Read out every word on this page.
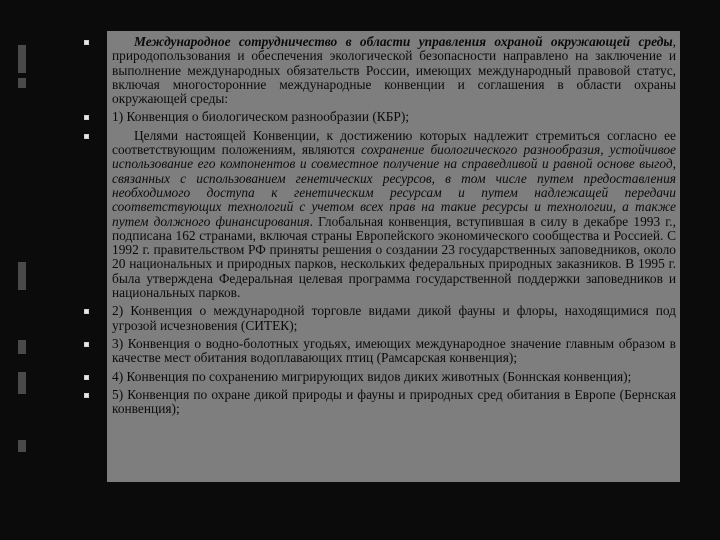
Международное сотрудничество в области управления охраной окружающей среды, природопользования и обеспечения экологической безопасности направлено на заключение и выполнение международных обязательств России, имеющих международный правовой статус, включая многосторонние международные конвенции и соглашения в области охраны окружающей среды:
1) Конвенция о биологическом разнообразии (КБР);
Целями настоящей Конвенции, к достижению которых надлежит стремиться согласно ее соответствующим положениям, являются сохранение биологического разнообразия, устойчивое использование его компонентов и совместное получение на справедливой и равной основе выгод, связанных с использованием генетических ресурсов, в том числе путем предоставления необходимого доступа к генетическим ресурсам и путем надлежащей передачи соответствующих технологий с учетом всех прав на такие ресурсы и технологии, а также путем должного финансирования. Глобальная конвенция, вступившая в силу в декабре 1993 г., подписана 162 странами, включая страны Европейского экономического сообщества и Россией. С 1992 г. правительством РФ приняты решения о создании 23 государственных заповедников, около 20 национальных и природных парков, нескольких федеральных природных заказников. В 1995 г. была утверждена Федеральная целевая программа государственной поддержки заповедников и национальных парков.
2) Конвенция о международной торговле видами дикой фауны и флоры, находящимися под угрозой исчезновения (СИТЕК);
3) Конвенция о водно-болотных угодьях, имеющих международное значение главным образом в качестве мест обитания водоплавающих птиц (Рамсарская конвенция);
4) Конвенция по сохранению мигрирующих видов диких животных (Боннская конвенция);
5) Конвенция по охране дикой природы и фауны и природных сред обитания в Европе (Бернская конвенция);
